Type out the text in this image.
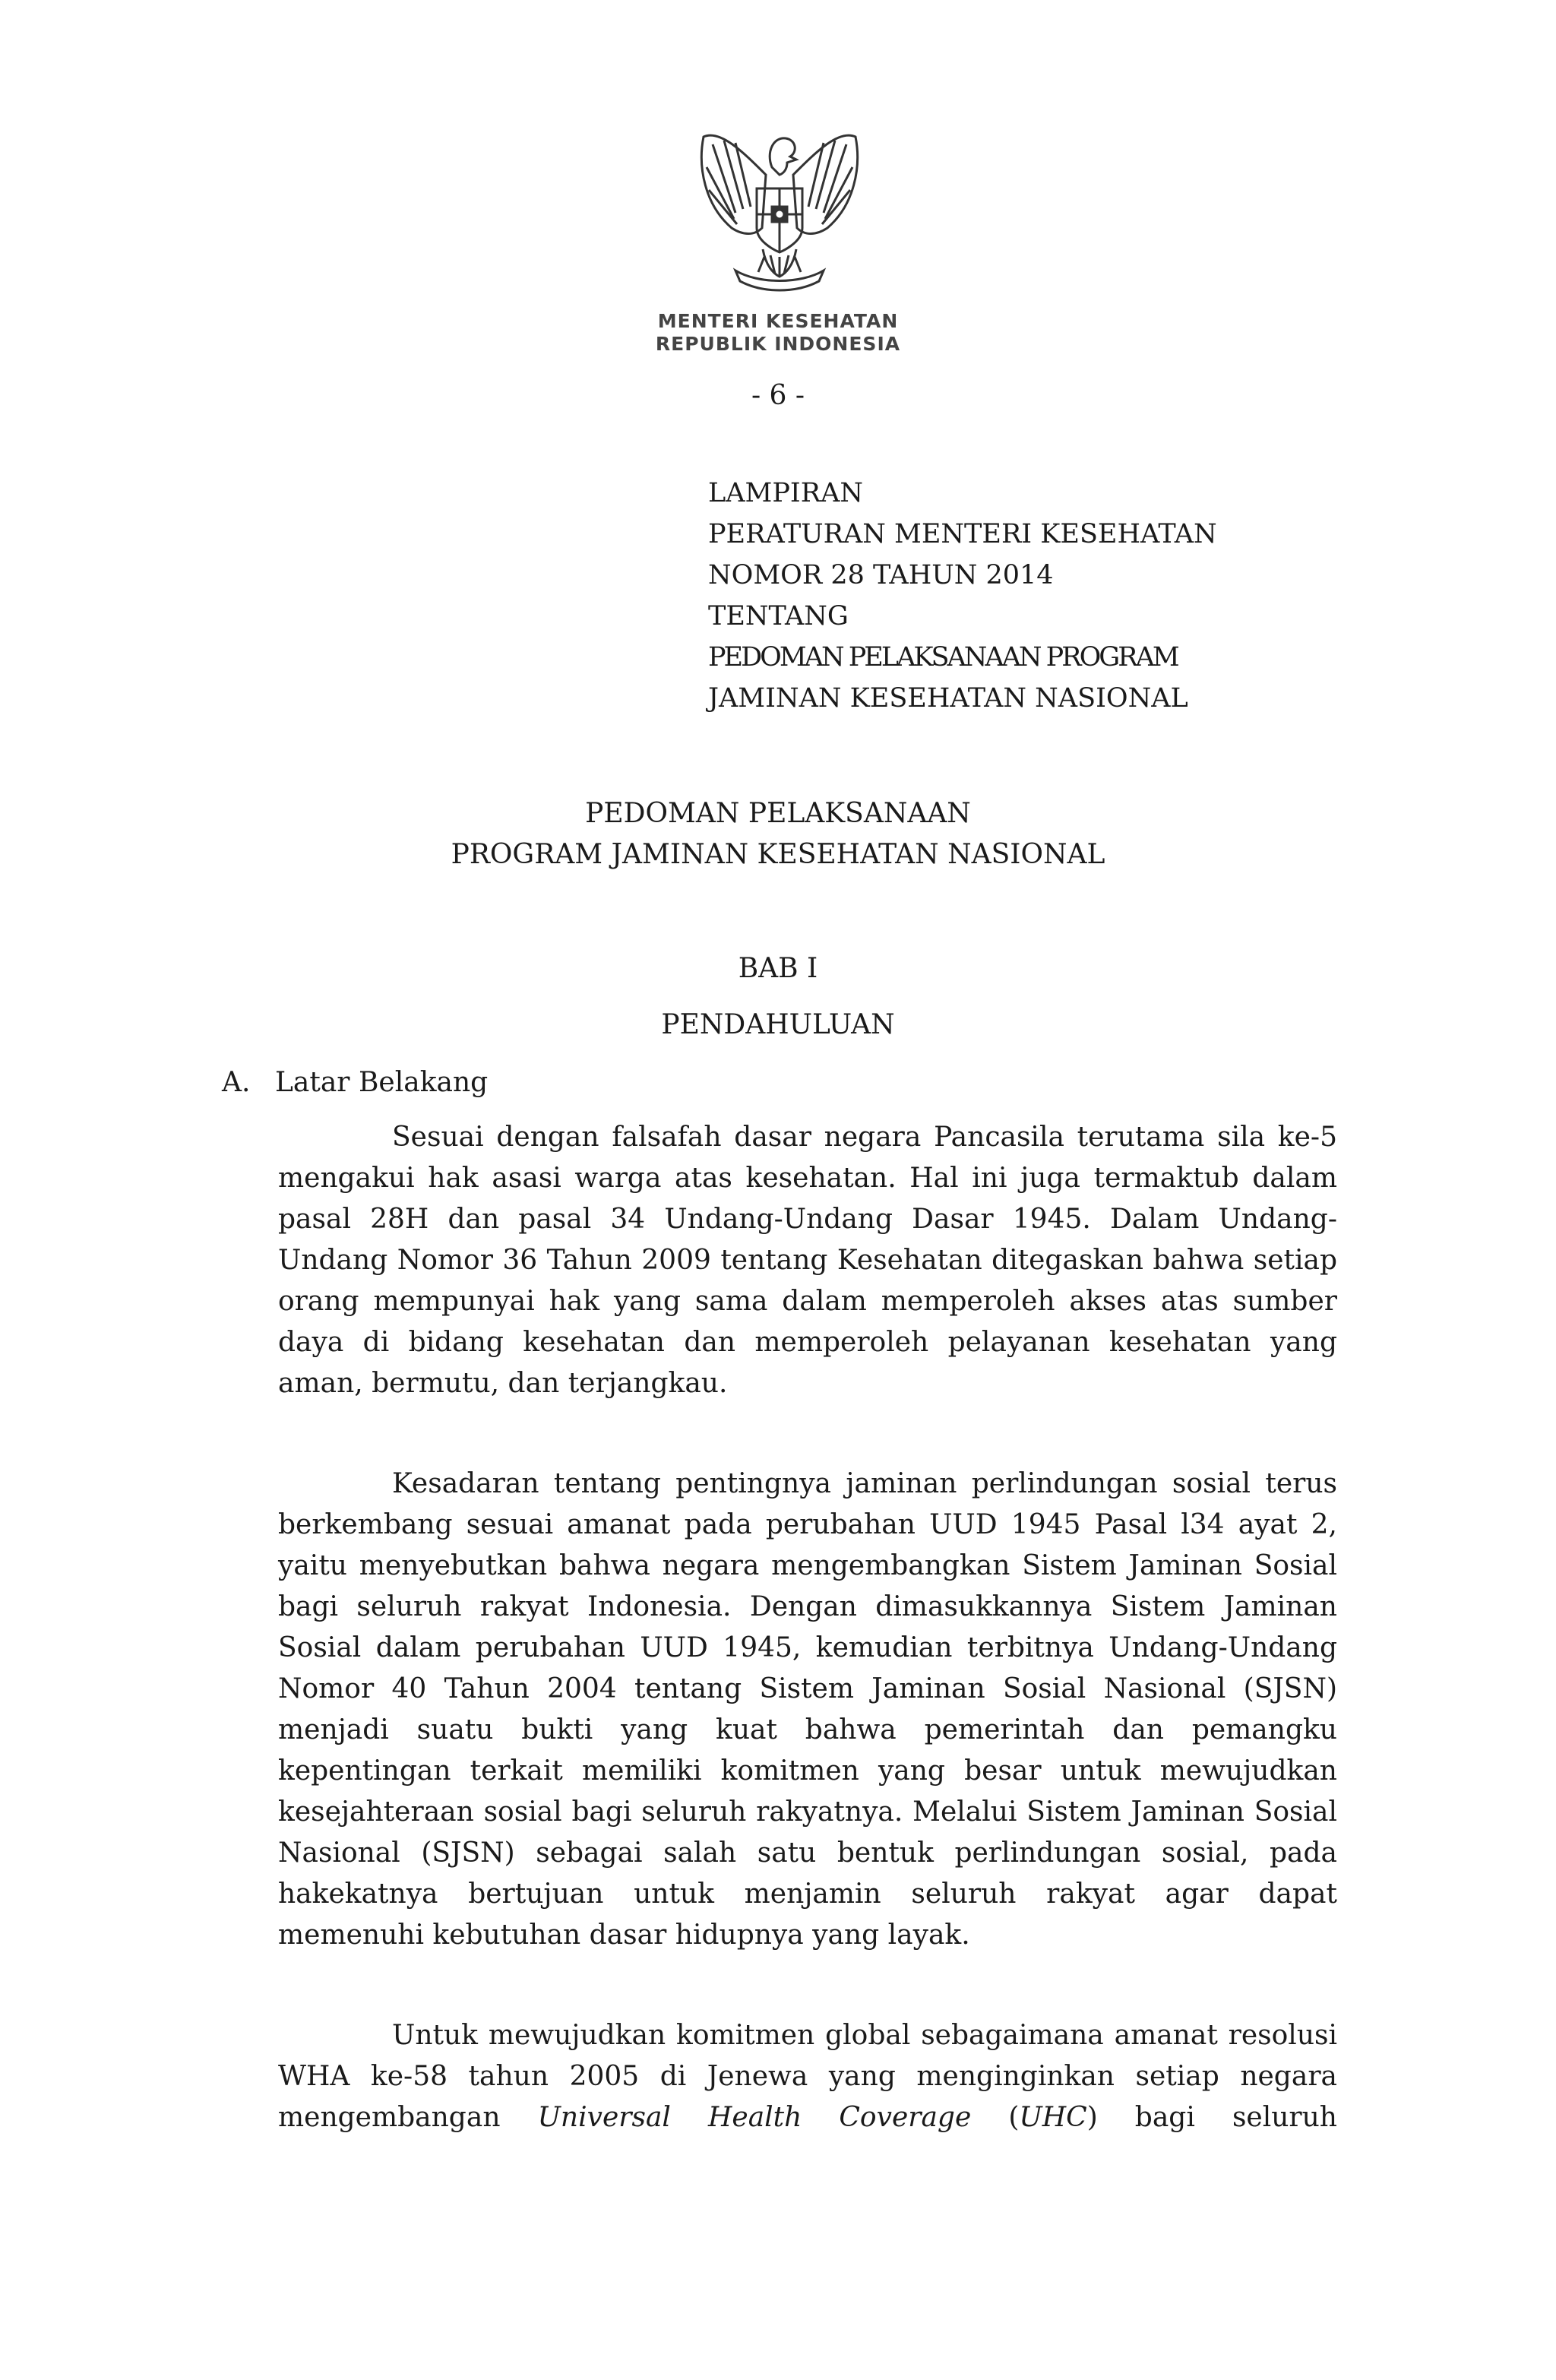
MENTERI KESEHATAN
REPUBLIK INDONESIA
- 6 -
LAMPIRAN
PERATURAN MENTERI KESEHATAN
NOMOR 28 TAHUN 2014
TENTANG
PEDOMAN PELAKSANAAN PROGRAM
JAMINAN KESEHATAN NASIONAL
PEDOMAN PELAKSANAAN
PROGRAM JAMINAN KESEHATAN NASIONAL
BAB I
PENDAHULUAN
A. Latar Belakang

Sesuai dengan falsafah dasar negara Pancasila terutama sila ke-5 mengakui hak asasi warga atas kesehatan. Hal ini juga termaktub dalam pasal 28H dan pasal 34 Undang-Undang Dasar 1945. Dalam Undang-Undang Nomor 36 Tahun 2009 tentang Kesehatan ditegaskan bahwa setiap orang mempunyai hak yang sama dalam memperoleh akses atas sumber daya di bidang kesehatan dan memperoleh pelayanan kesehatan yang aman, bermutu, dan terjangkau.

Kesadaran tentang pentingnya jaminan perlindungan sosial terus berkembang sesuai amanat pada perubahan UUD 1945 Pasal l34 ayat 2, yaitu menyebutkan bahwa negara mengembangkan Sistem Jaminan Sosial bagi seluruh rakyat Indonesia. Dengan dimasukkannya Sistem Jaminan Sosial dalam perubahan UUD 1945, kemudian terbitnya Undang-Undang Nomor 40 Tahun 2004 tentang Sistem Jaminan Sosial Nasional (SJSN) menjadi suatu bukti yang kuat bahwa pemerintah dan pemangku kepentingan terkait memiliki komitmen yang besar untuk mewujudkan kesejahteraan sosial bagi seluruh rakyatnya. Melalui Sistem Jaminan Sosial Nasional (SJSN) sebagai salah satu bentuk perlindungan sosial, pada hakekatnya bertujuan untuk menjamin seluruh rakyat agar dapat memenuhi kebutuhan dasar hidupnya yang layak.

Untuk mewujudkan komitmen global sebagaimana amanat resolusi WHA ke-58 tahun 2005 di Jenewa yang menginginkan setiap negara mengembangan Universal Health Coverage (UHC) bagi seluruh
